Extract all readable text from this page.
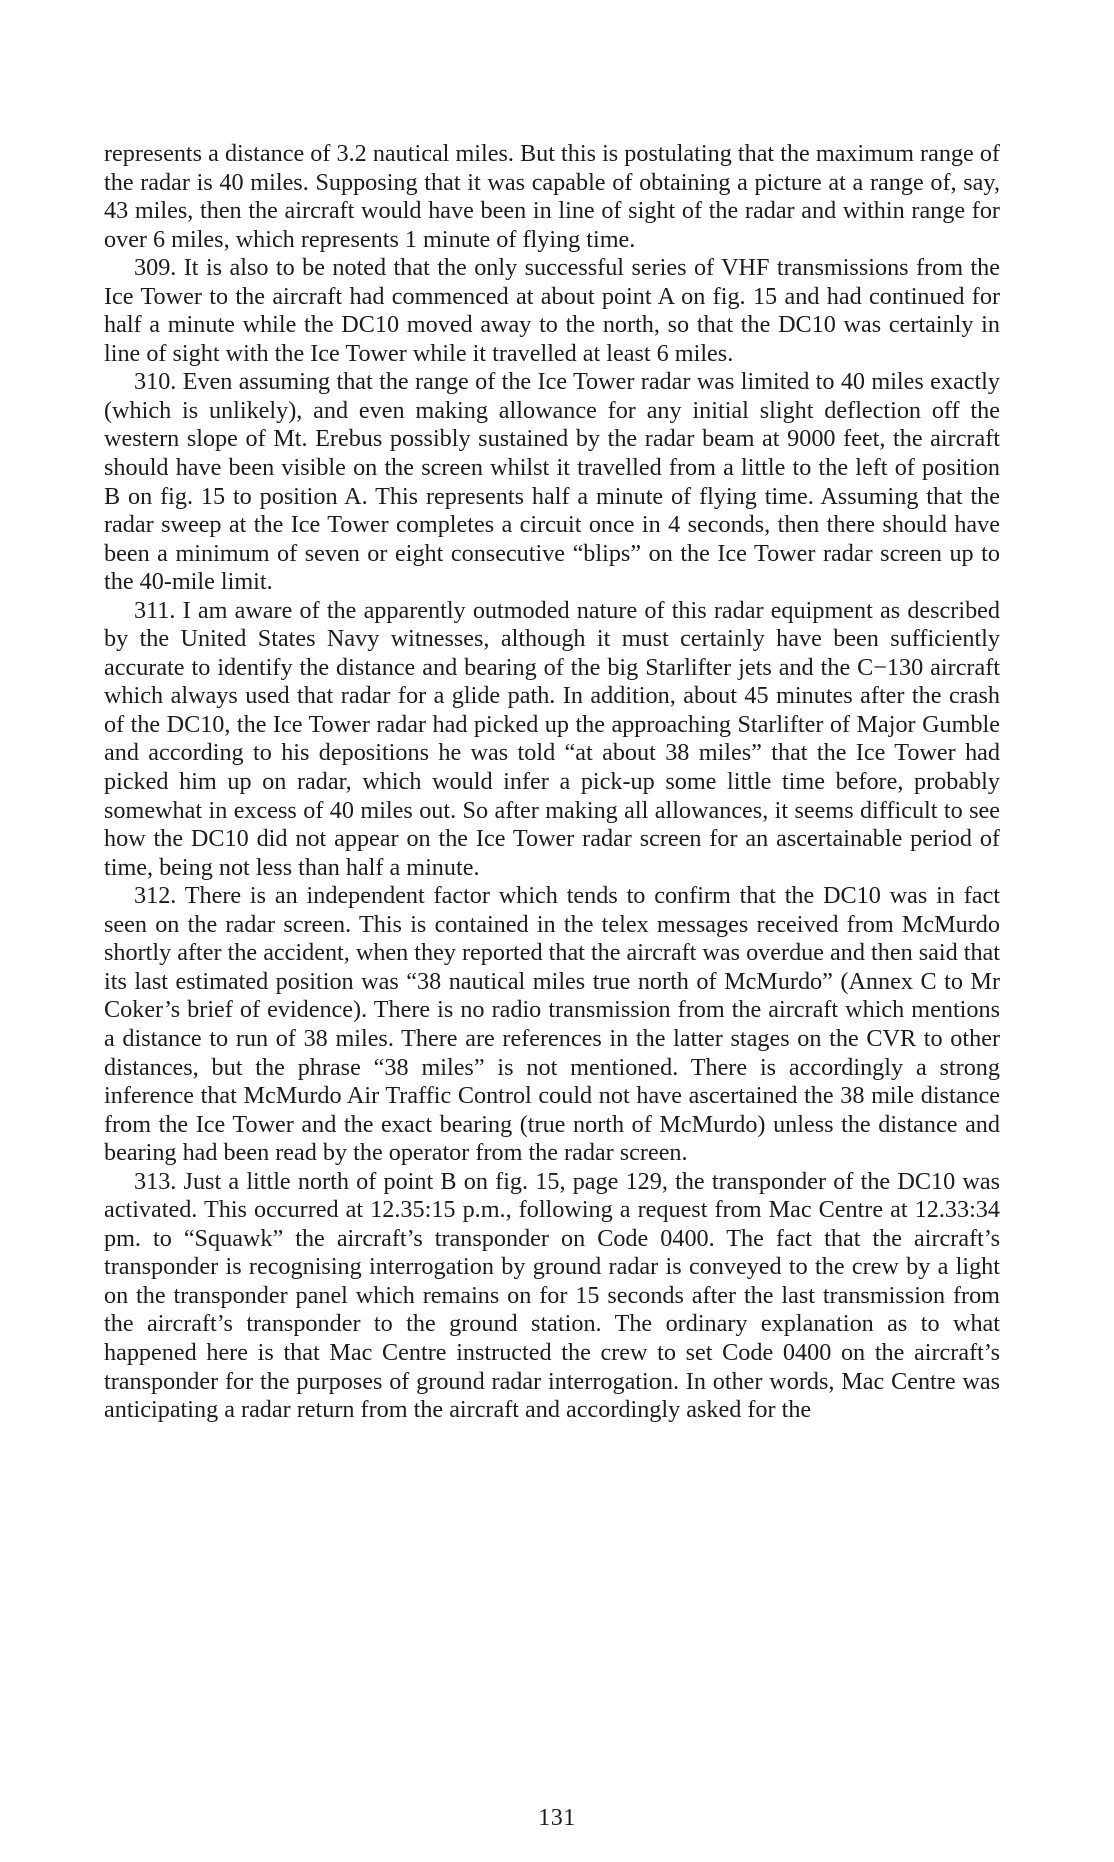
represents a distance of 3.2 nautical miles. But this is postulating that the maximum range of the radar is 40 miles. Supposing that it was capable of obtaining a picture at a range of, say, 43 miles, then the aircraft would have been in line of sight of the radar and within range for over 6 miles, which represents 1 minute of flying time.

309. It is also to be noted that the only successful series of VHF transmissions from the Ice Tower to the aircraft had commenced at about point A on fig. 15 and had continued for half a minute while the DC10 moved away to the north, so that the DC10 was certainly in line of sight with the Ice Tower while it travelled at least 6 miles.

310. Even assuming that the range of the Ice Tower radar was limited to 40 miles exactly (which is unlikely), and even making allowance for any initial slight deflection off the western slope of Mt. Erebus possibly sustained by the radar beam at 9000 feet, the aircraft should have been visible on the screen whilst it travelled from a little to the left of position B on fig. 15 to position A. This represents half a minute of flying time. Assuming that the radar sweep at the Ice Tower completes a circuit once in 4 seconds, then there should have been a minimum of seven or eight consecutive “blips” on the Ice Tower radar screen up to the 40-mile limit.

311. I am aware of the apparently outmoded nature of this radar equipment as described by the United States Navy witnesses, although it must certainly have been sufficiently accurate to identify the distance and bearing of the big Starlifter jets and the C−130 aircraft which always used that radar for a glide path. In addition, about 45 minutes after the crash of the DC10, the Ice Tower radar had picked up the approaching Starlifter of Major Gumble and according to his depositions he was told “at about 38 miles” that the Ice Tower had picked him up on radar, which would infer a pick-up some little time before, probably somewhat in excess of 40 miles out. So after making all allowances, it seems difficult to see how the DC10 did not appear on the Ice Tower radar screen for an ascertainable period of time, being not less than half a minute.

312. There is an independent factor which tends to confirm that the DC10 was in fact seen on the radar screen. This is contained in the telex messages received from McMurdo shortly after the accident, when they reported that the aircraft was overdue and then said that its last estimated position was “38 nautical miles true north of McMurdo” (Annex C to Mr Coker’s brief of evidence). There is no radio transmission from the aircraft which mentions a distance to run of 38 miles. There are references in the latter stages on the CVR to other distances, but the phrase “38 miles” is not mentioned. There is accordingly a strong inference that McMurdo Air Traffic Control could not have ascertained the 38 mile distance from the Ice Tower and the exact bearing (true north of McMurdo) unless the distance and bearing had been read by the operator from the radar screen.

313. Just a little north of point B on fig. 15, page 129, the transponder of the DC10 was activated. This occurred at 12.35:15 p.m., following a request from Mac Centre at 12.33:34 pm. to “Squawk” the aircraft’s transponder on Code 0400. The fact that the aircraft’s transponder is recognising interrogation by ground radar is conveyed to the crew by a light on the transponder panel which remains on for 15 seconds after the last transmission from the aircraft’s transponder to the ground station. The ordinary explanation as to what happened here is that Mac Centre instructed the crew to set Code 0400 on the aircraft’s transponder for the purposes of ground radar interrogation. In other words, Mac Centre was anticipating a radar return from the aircraft and accordingly asked for the

131
